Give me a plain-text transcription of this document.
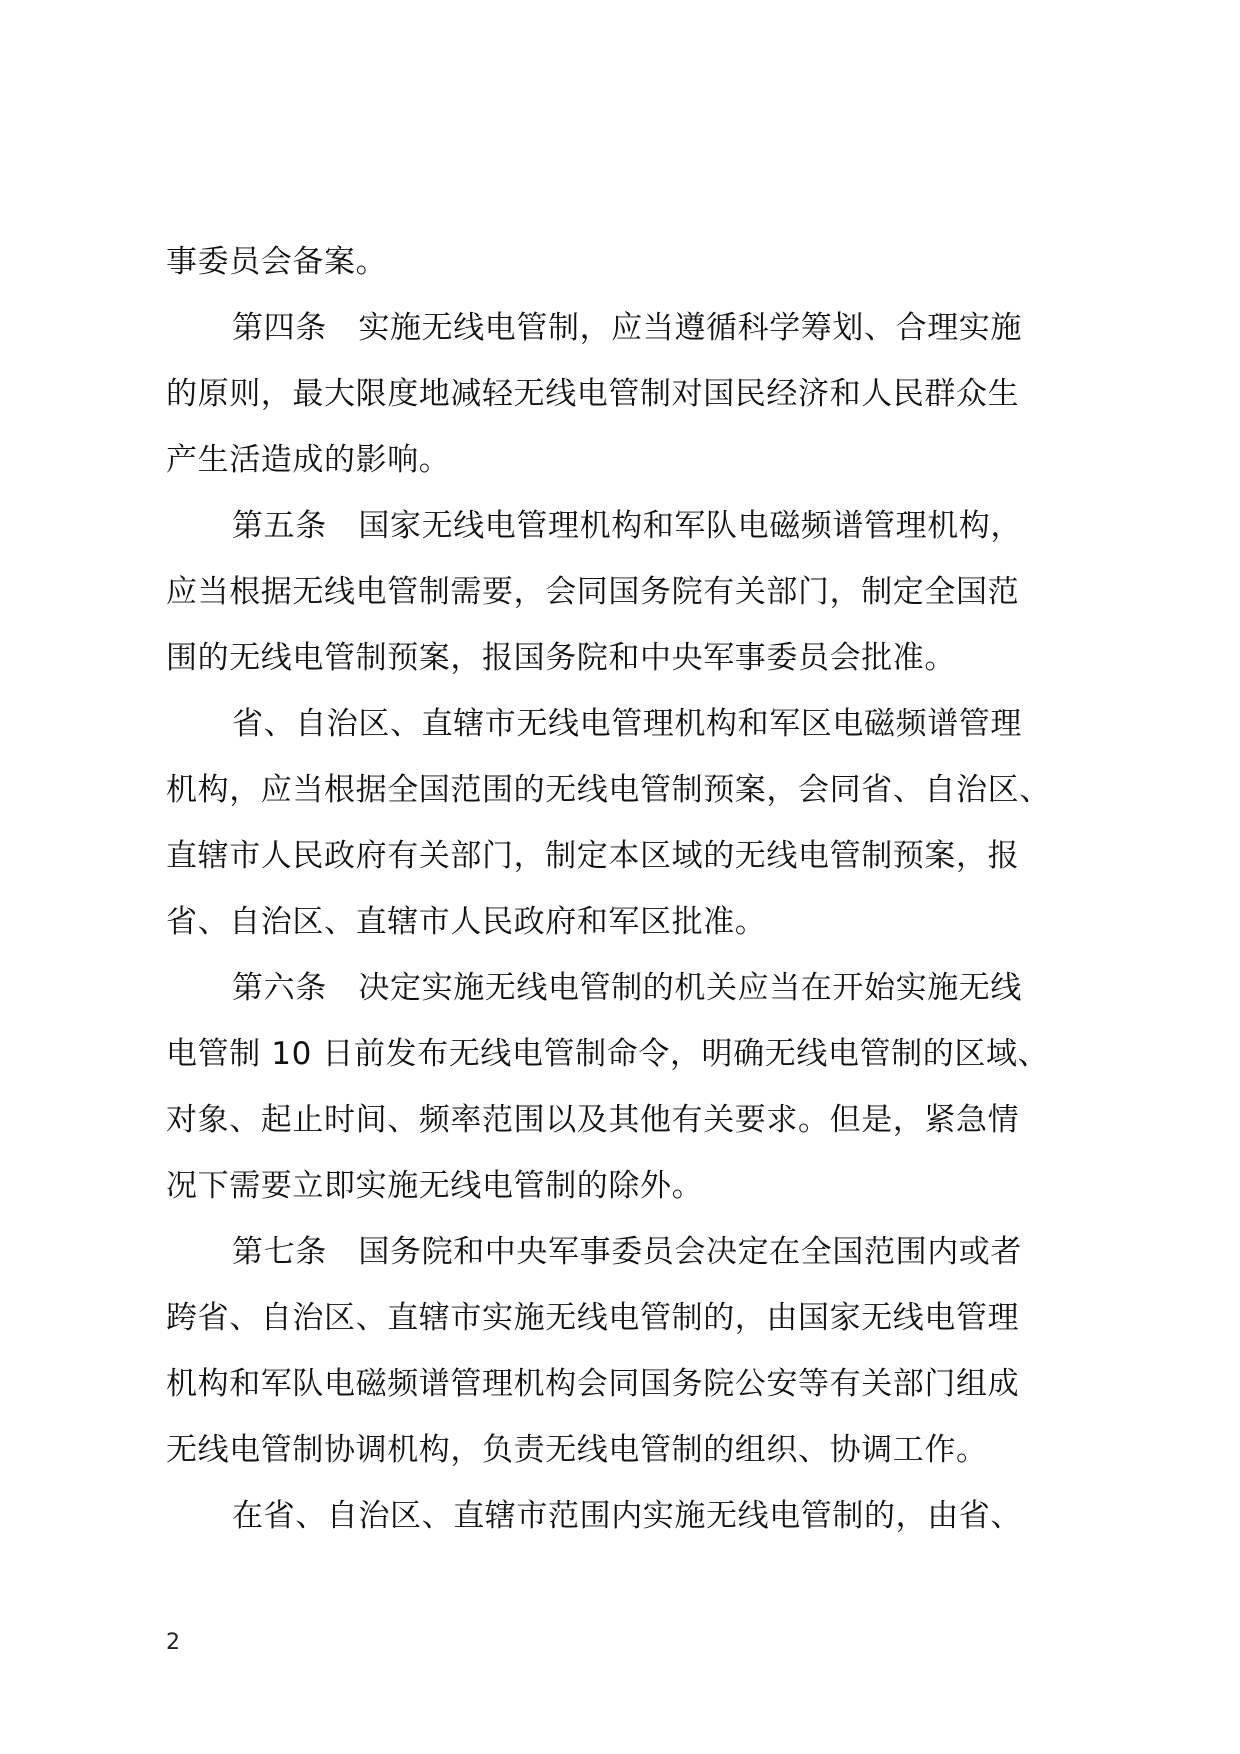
事委员会备案。
第四条　实施无线电管制，应当遵循科学筹划、合理实施
的原则，最大限度地减轻无线电管制对国民经济和人民群众生
产生活造成的影响。
第五条　国家无线电管理机构和军队电磁频谱管理机构，
应当根据无线电管制需要，会同国务院有关部门，制定全国范
围的无线电管制预案，报国务院和中央军事委员会批准。
省、自治区、直辖市无线电管理机构和军区电磁频谱管理
机构，应当根据全国范围的无线电管制预案，会同省、自治区、
直辖市人民政府有关部门，制定本区域的无线电管制预案，报
省、自治区、直辖市人民政府和军区批准。
第六条　决定实施无线电管制的机关应当在开始实施无线
电管制 10 日前发布无线电管制命令，明确无线电管制的区域、
对象、起止时间、频率范围以及其他有关要求。但是，紧急情
况下需要立即实施无线电管制的除外。
第七条　国务院和中央军事委员会决定在全国范围内或者
跨省、自治区、直辖市实施无线电管制的，由国家无线电管理
机构和军队电磁频谱管理机构会同国务院公安等有关部门组成
无线电管制协调机构，负责无线电管制的组织、协调工作。
在省、自治区、直辖市范围内实施无线电管制的，由省、
2
